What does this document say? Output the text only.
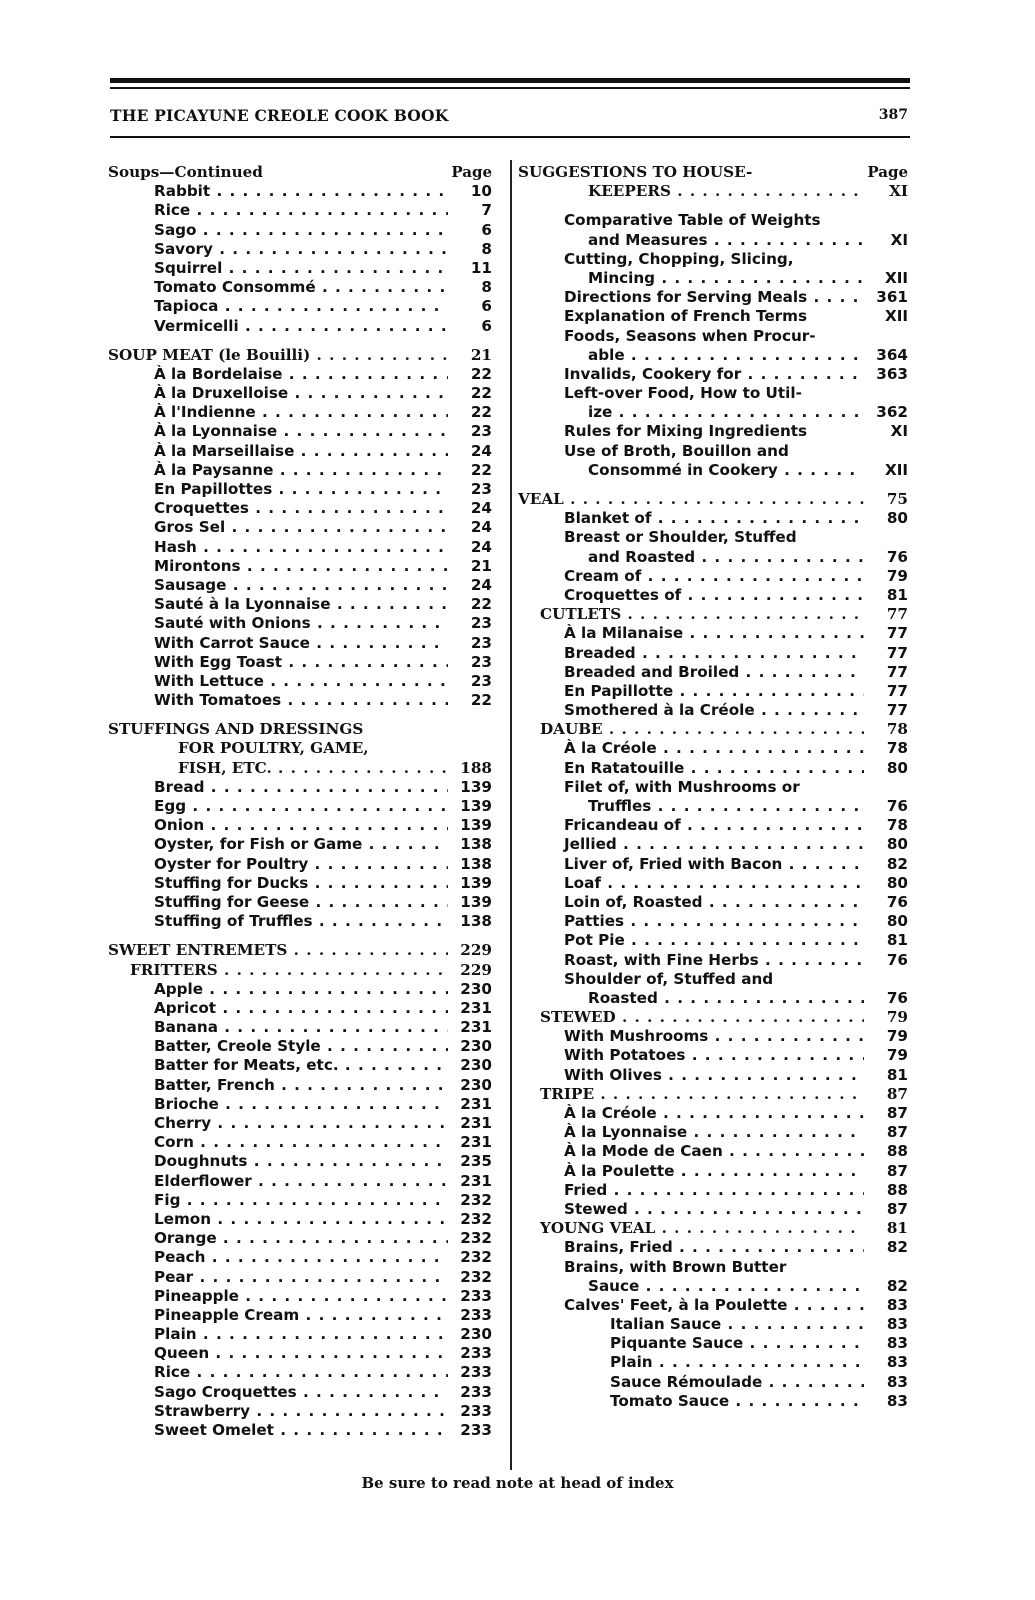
THE PICAYUNE CREOLE COOK BOOK	387
Page
Soups—Continued
Rabbit . . .	10
Rice . . .	7
Sago . . .	6
Savory . . .	8
Squirrel . . .	11
Tomato Consommé . . .	8
Tapioca . . .	6
Vermicelli . . .	6
SOUP MEAT (le Bouilli) . . .	21
À la Bordelaise . . .	22
À la Druxelloise . . .	22
À l'Indienne . . .	22
À la Lyonnaise . . .	23
À la Marseillaise . . .	24
À la Paysanne . . .	22
En Papillottes . . .	23
Croquettes . . .	24
Gros Sel . . .	24
Hash . . .	24
Mirontons . . .	21
Sausage . . .	24
Sauté à la Lyonnaise . . .	22
Sauté with Onions . . .	23
With Carrot Sauce . . .	23
With Egg Toast . . .	23
With Lettuce . . .	23
With Tomatoes . . .	22
STUFFINGS AND DRESSINGS
FOR POULTRY, GAME,
FISH, ETC. . . .	188
Bread . . .	139
Egg . . .	139
Onion . . .	139
Oyster, for Fish or Game . . .	138
Oyster for Poultry . . .	138
Stuffing for Ducks . . .	139
Stuffing for Geese . . .	139
Stuffing of Truffles . . .	138
SWEET ENTREMETS . . .	229
FRITTERS . . .	229
Apple . . .	230
Apricot . . .	231
Banana . . .	231
Batter, Creole Style . . .	230
Batter for Meats, etc. . . .	230
Batter, French . . .	230
Brioche . . .	231
Cherry . . .	231
Corn . . .	231
Doughnuts . . .	235
Elderflower . . .	231
Fig . . .	232
Lemon . . .	232
Orange . . .	232
Peach . . .	232
Pear . . .	232
Pineapple . . .	233
Pineapple Cream . . .	233
Plain . . .	230
Queen . . .	233
Rice . . .	233
Sago Croquettes . . .	233
Strawberry . . .	233
Sweet Omelet . . .	233
Page
SUGGESTIONS TO HOUSE-
KEEPERS . . .	XI
Comparative Table of Weights
and Measures . . .	XI
Cutting, Chopping, Slicing,
Mincing . . .	XII
Directions for Serving Meals . . .	361
Explanation of French Terms	XII
Foods, Seasons when Procur-
able . . .	364
Invalids, Cookery for . . .	363
Left-over Food, How to Util-
ize . . .	362
Rules for Mixing Ingredients	XI
Use of Broth, Bouillon and
Consommé in Cookery . . .	XII
VEAL . . .	75
Blanket of . . .	80
Breast or Shoulder, Stuffed
and Roasted . . .	76
Cream of . . .	79
Croquettes of . . .	81
CUTLETS . . .	77
À la Milanaise . . .	77
Breaded . . .	77
Breaded and Broiled . . .	77
En Papillotte . . .	77
Smothered à la Créole . . .	77
DAUBE . . .	78
À la Créole . . .	78
En Ratatouille . . .	80
Filet of, with Mushrooms or
Truffles . . .	76
Fricandeau of . . .	78
Jellied . . .	80
Liver of, Fried with Bacon . . .	82
Loaf . . .	80
Loin of, Roasted . . .	76
Patties . . .	80
Pot Pie . . .	81
Roast, with Fine Herbs . . .	76
Shoulder of, Stuffed and
Roasted . . .	76
STEWED . . .	79
With Mushrooms . . .	79
With Potatoes . . .	79
With Olives . . .	81
TRIPE . . .	87
À la Créole . . .	87
À la Lyonnaise . . .	87
À la Mode de Caen . . .	88
À la Poulette . . .	87
Fried . . .	88
Stewed . . .	87
YOUNG VEAL . . .	81
Brains, Fried . . .	82
Brains, with Brown Butter
Sauce . . .	82
Calves' Feet, à la Poulette . . .	83
Italian Sauce . . .	83
Piquante Sauce . . .	83
Plain . . .	83
Sauce Rémoulade . . .	83
Tomato Sauce . . .	83
Be sure to read note at head of index
